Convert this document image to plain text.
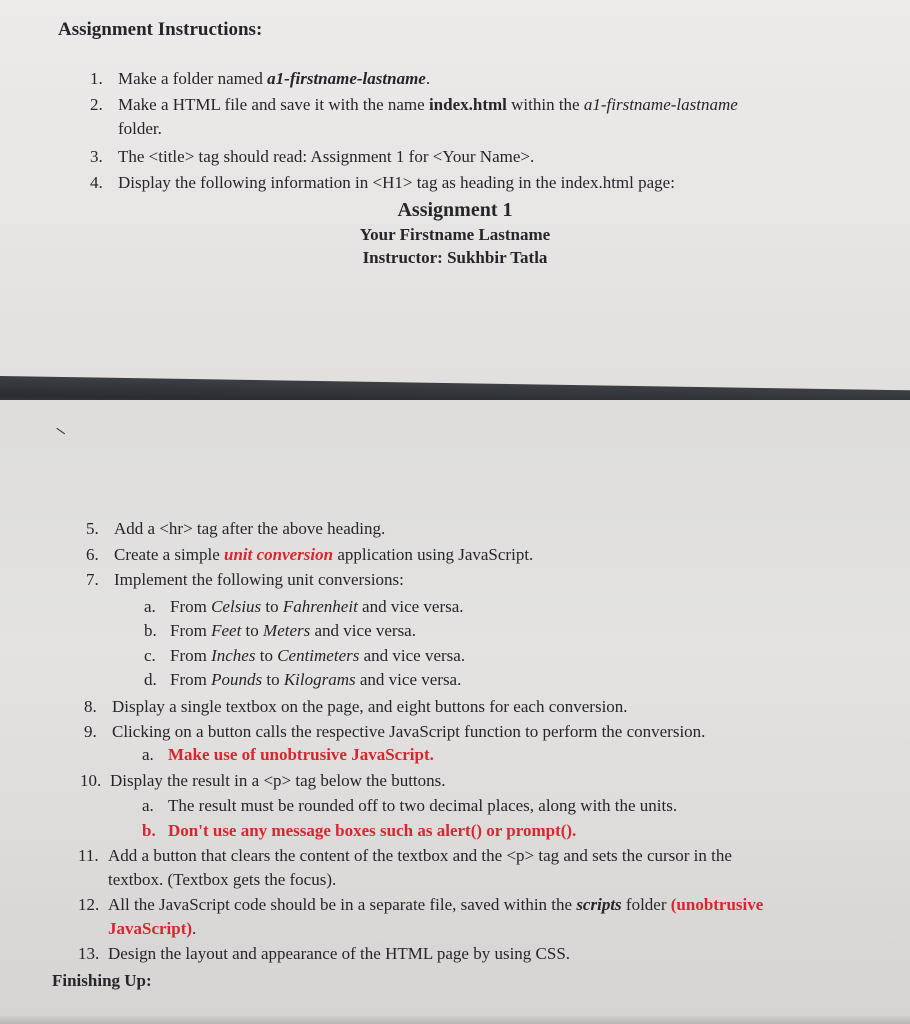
Assignment Instructions:
1. Make a folder named a1-firstname-lastname.
2. Make a HTML file and save it with the name index.html within the a1-firstname-lastname
folder.
3. The <title> tag should read: Assignment 1 for <Your Name>.
4. Display the following information in <H1> tag as heading in the index.html page:
Assignment 1
Your Firstname Lastname
Instructor: Sukhbir Tatla
5. Add a <hr> tag after the above heading.
6. Create a simple unit conversion application using JavaScript.
7. Implement the following unit conversions:
a. From Celsius to Fahrenheit and vice versa.
b. From Feet to Meters and vice versa.
c. From Inches to Centimeters and vice versa.
d. From Pounds to Kilograms and vice versa.
8. Display a single textbox on the page, and eight buttons for each conversion.
9. Clicking on a button calls the respective JavaScript function to perform the conversion.
a. Make use of unobtrusive JavaScript.
10. Display the result in a <p> tag below the buttons.
a. The result must be rounded off to two decimal places, along with the units.
b. Don't use any message boxes such as alert() or prompt().
11. Add a button that clears the content of the textbox and the <p> tag and sets the cursor in the
textbox. (Textbox gets the focus).
12. All the JavaScript code should be in a separate file, saved within the scripts folder (unobtrusive
JavaScript).
13. Design the layout and appearance of the HTML page by using CSS.
Finishing Up:
